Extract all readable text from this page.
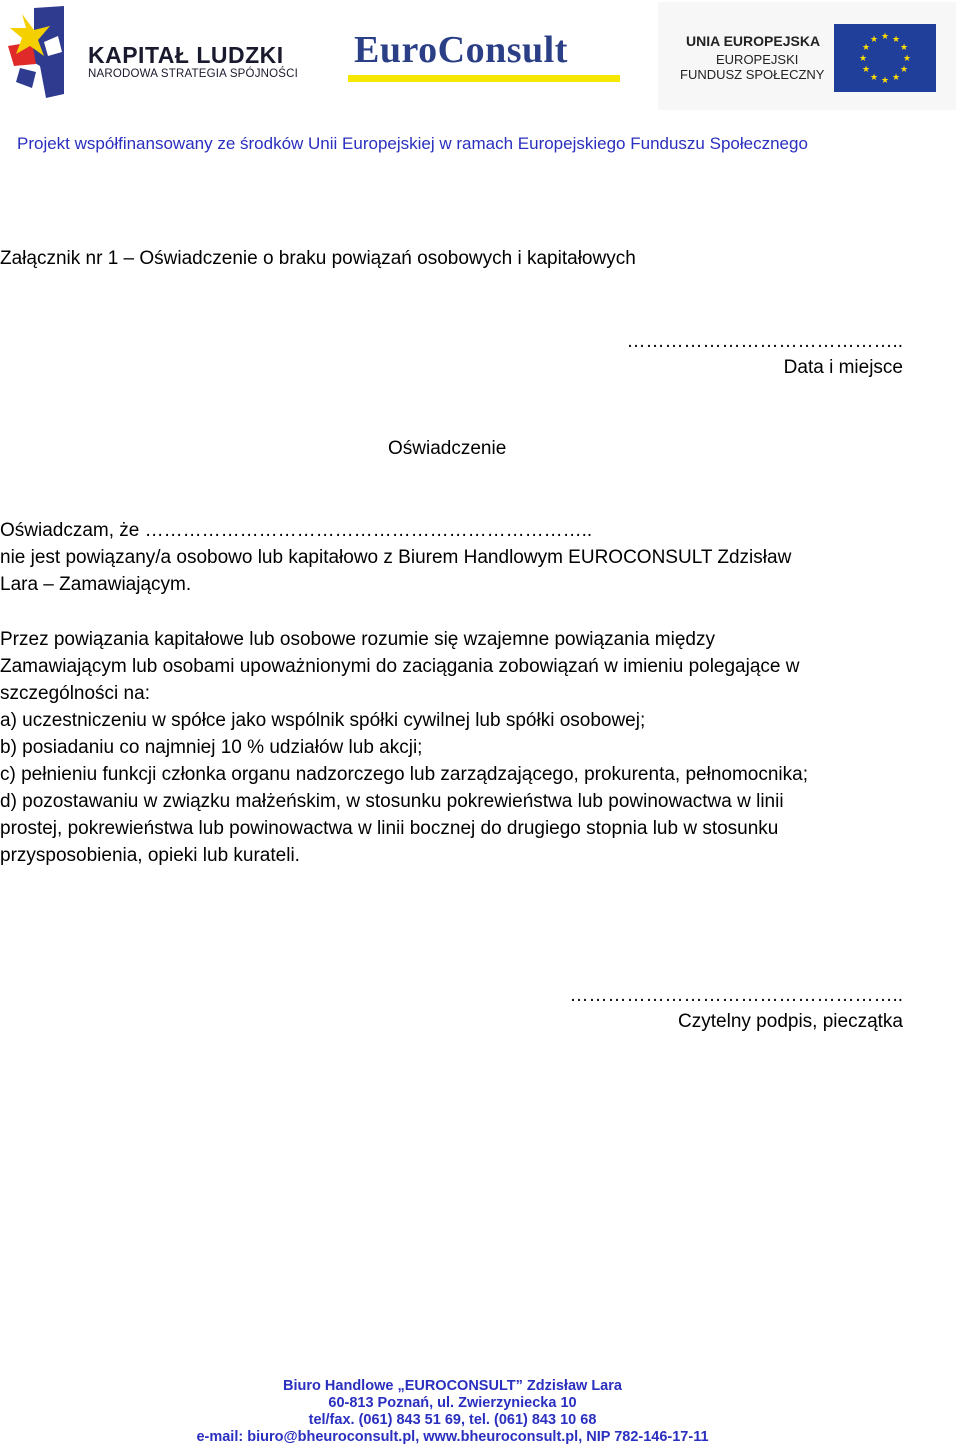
KAPITAŁ LUDZKI
NARODOWA STRATEGIA SPÓJNOŚCI
EuroConsult	UNIA EUROPEJSKA
EUROPEJSKI
FUNDUSZ SPOŁECZNY
★ ★
★
★
★
★
★
★
★
★
★
★
Projekt współfinansowany ze środków Unii Europejskiej w ramach Europejskiego Funduszu Społecznego
Załącznik nr 1 – Oświadczenie o braku powiązań osobowych i kapitałowych
……………………………………..
Data i miejsce
Oświadczenie
Oświadczam, że ……………………………………………………………..
nie jest powiązany/a osobowo lub kapitałowo z Biurem Handlowym EUROCONSULT Zdzisław
Lara – Zamawiającym.
Przez powiązania kapitałowe lub osobowe rozumie się wzajemne powiązania między
Zamawiającym lub osobami upoważnionymi do zaciągania zobowiązań w imieniu polegające w
szczególności na:
a) uczestniczeniu w spółce jako wspólnik spółki cywilnej lub spółki osobowej;
b) posiadaniu co najmniej 10 % udziałów lub akcji;
c) pełnieniu funkcji członka organu nadzorczego lub zarządzającego, prokurenta, pełnomocnika;
d) pozostawaniu w związku małżeńskim, w stosunku pokrewieństwa lub powinowactwa w linii
prostej, pokrewieństwa lub powinowactwa w linii bocznej do drugiego stopnia lub w stosunku
przysposobienia, opieki lub kurateli.
……………………………………………..
Czytelny podpis, pieczątka
Biuro Handlowe „EUROCONSULT” Zdzisław Lara
60-813 Poznań, ul. Zwierzyniecka 10
tel/fax. (061) 843 51 69, tel. (061) 843 10 68
e-mail: biuro@bheuroconsult.pl, www.bheuroconsult.pl, NIP 782-146-17-11
